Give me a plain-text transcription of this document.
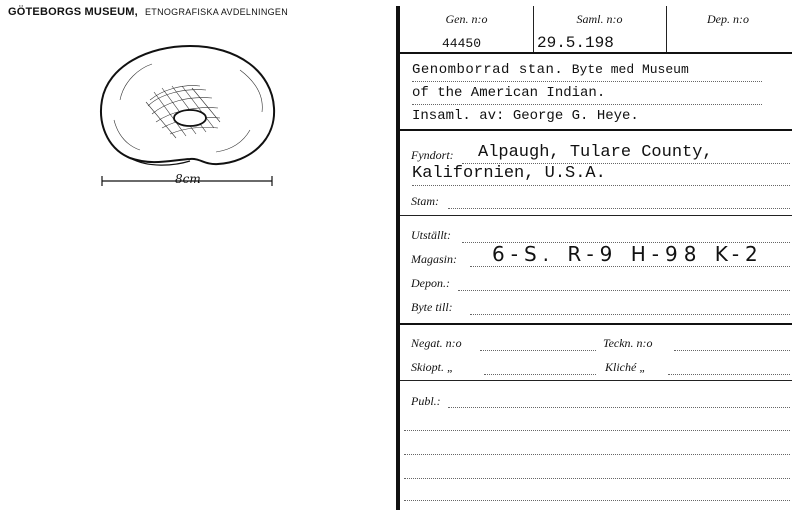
GÖTEBORGS MUSEUM, ETNOGRAFISKA AVDELNINGEN
8cm
Gen. n:o	Saml. n:o	Dep. n:o
44450	29.5.198
Genomborrad stan. Byte med Museum
of the American Indian.
Insaml. av: George G. Heye.
Fyndort: Alpaugh, Tulare County,
Kalifornien, U.S.A.
Stam:
Utställt:
Magasin: 6-S. R-9 H-98 K-2
Depon.:
Byte till:
Negat. n:o	Teckn. n:o
Skiopt. „	Kliché „
Publ.:
